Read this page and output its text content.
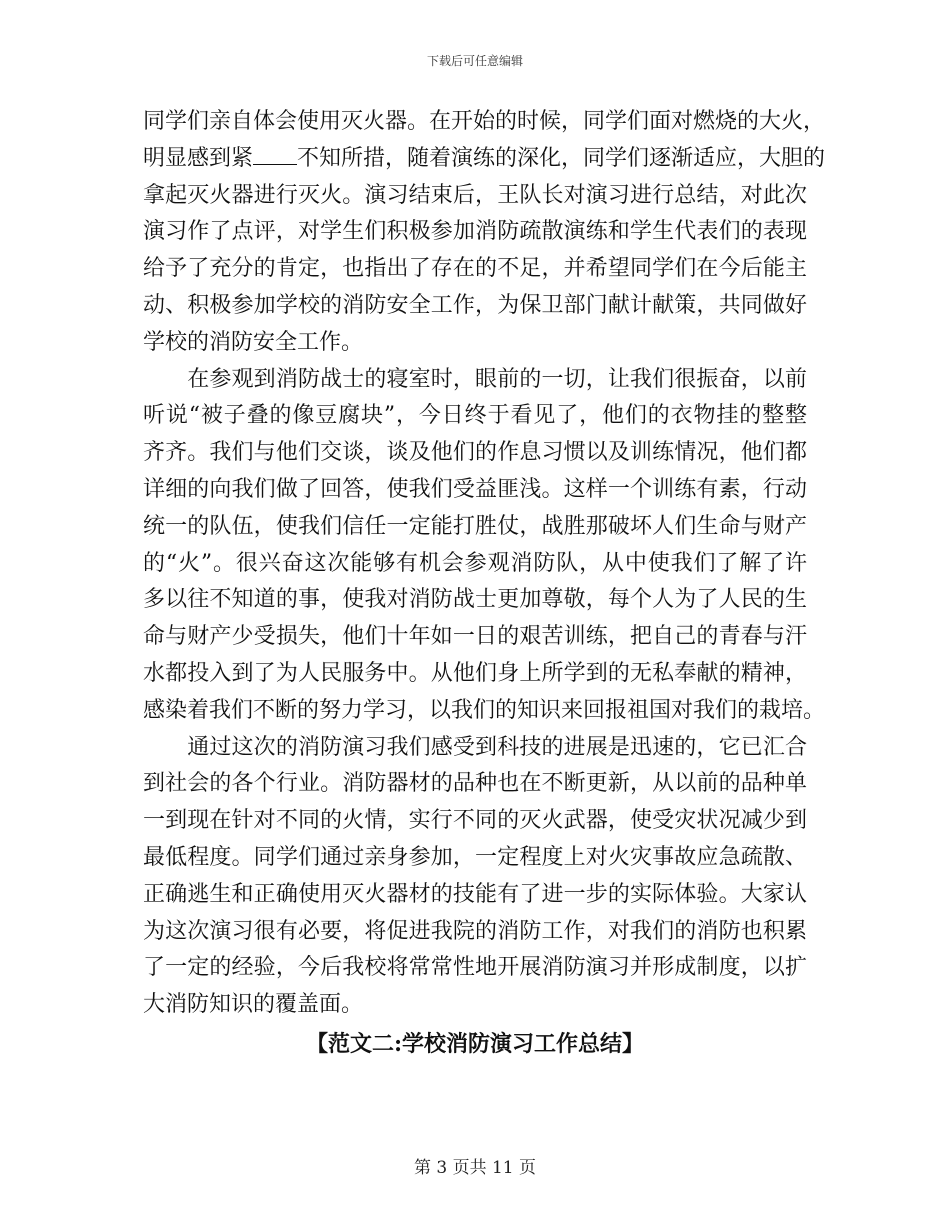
下载后可任意编辑
同学们亲自体会使用灭火器。在开始的时候，同学们面对燃烧的大火，
明显感到紧 不知所措，随着演练的深化，同学们逐渐适应，大胆的
拿起灭火器进行灭火。演习结束后，王队长对演习进行总结，对此次
演习作了点评，对学生们积极参加消防疏散演练和学生代表们的表现
给予了充分的肯定，也指出了存在的不足，并希望同学们在今后能主
动、积极参加学校的消防安全工作，为保卫部门献计献策，共同做好
学校的消防安全工作。
　　在参观到消防战士的寝室时，眼前的一切，让我们很振奋，以前
听说“被子叠的像豆腐块”，今日终于看见了，他们的衣物挂的整整
齐齐。我们与他们交谈，谈及他们的作息习惯以及训练情况，他们都
详细的向我们做了回答，使我们受益匪浅。这样一个训练有素，行动
统一的队伍，使我们信任一定能打胜仗，战胜那破坏人们生命与财产
的“火”。很兴奋这次能够有机会参观消防队，从中使我们了解了许
多以往不知道的事，使我对消防战士更加尊敬，每个人为了人民的生
命与财产少受损失，他们十年如一日的艰苦训练，把自己的青春与汗
水都投入到了为人民服务中。从他们身上所学到的无私奉献的精神，
感染着我们不断的努力学习，以我们的知识来回报祖国对我们的栽培。
　　通过这次的消防演习我们感受到科技的进展是迅速的，它已汇合
到社会的各个行业。消防器材的品种也在不断更新，从以前的品种单
一到现在针对不同的火情，实行不同的灭火武器，使受灾状况减少到
最低程度。同学们通过亲身参加，一定程度上对火灾事故应急疏散、
正确逃生和正确使用灭火器材的技能有了进一步的实际体验。大家认
为这次演习很有必要，将促进我院的消防工作，对我们的消防也积累
了一定的经验，今后我校将常常性地开展消防演习并形成制度，以扩
大消防知识的覆盖面。
【范文二:学校消防演习工作总结】
第 3 页共 11 页
